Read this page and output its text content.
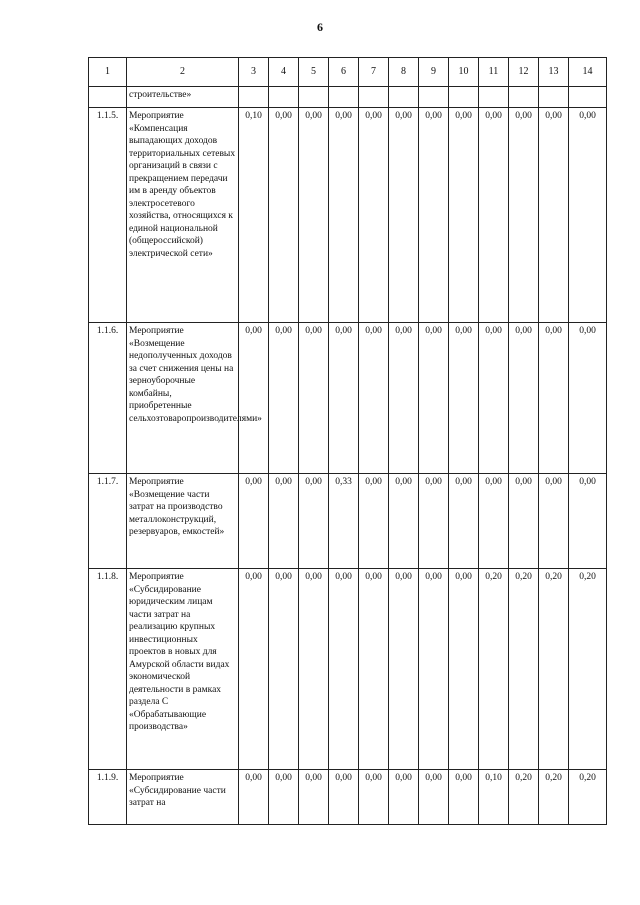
6
1	2	3	4	5	6	7	8	9	10	11	12	13	14
	строительстве»												
1.1.5.	Мероприятие «Компенсация выпадающих доходов территориальных сетевых организаций в связи с прекращением передачи им в аренду объектов электросетевого хозяйства, относящихся к единой национальной (общероссийской) электрической сети»	0,10	0,00	0,00	0,00	0,00	0,00	0,00	0,00	0,00	0,00	0,00	0,00
1.1.6.	Мероприятие «Возмещение недополученных доходов за счет снижения цены на зерноуборочные комбайны, приобретенные сельхозтоваропроизводителями»	0,00	0,00	0,00	0,00	0,00	0,00	0,00	0,00	0,00	0,00	0,00	0,00
1.1.7.	Мероприятие «Возмещение части затрат на производство металлоконструкций, резервуаров, емкостей»	0,00	0,00	0,00	0,33	0,00	0,00	0,00	0,00	0,00	0,00	0,00	0,00
1.1.8.	Мероприятие «Субсидирование юридическим лицам части затрат на реализацию крупных инвестиционных проектов в новых для Амурской области видах экономической деятельности в рамках раздела С «Обрабатывающие производства»	0,00	0,00	0,00	0,00	0,00	0,00	0,00	0,00	0,20	0,20	0,20	0,20
1.1.9.	Мероприятие «Субсидирование части затрат на	0,00	0,00	0,00	0,00	0,00	0,00	0,00	0,00	0,10	0,20	0,20	0,20
